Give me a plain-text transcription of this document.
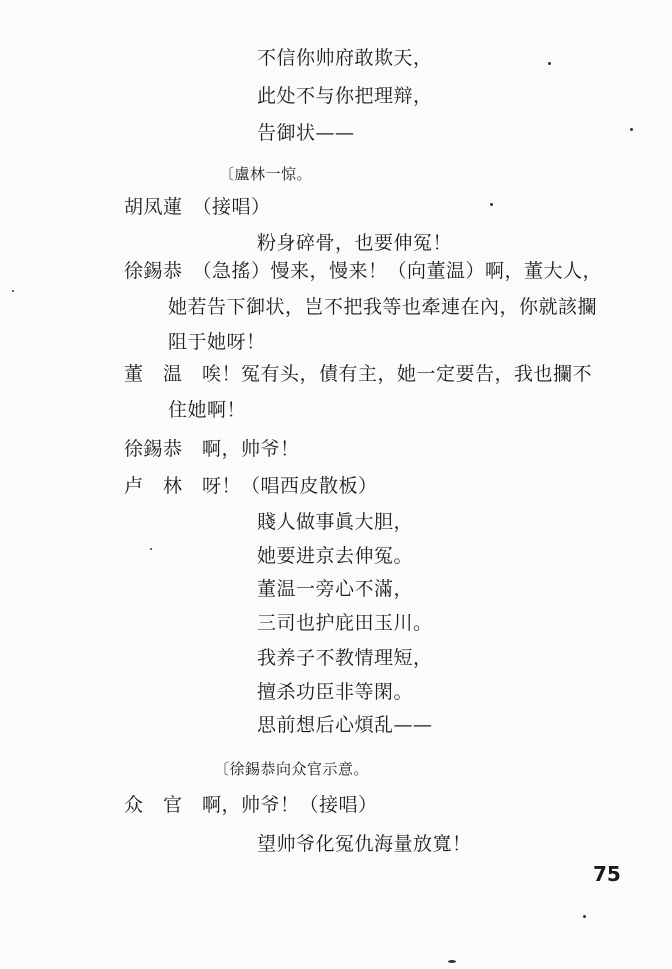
不信你帅府敢欺天，
此处不与你把理辩，
告御状——
〔盧林一惊。
胡凤蓮　（接唱）
粉身碎骨，也要伸冤！
徐錫恭　（急搖）慢来，慢来！（向董温）啊，董大人，
她若告下御状，岂不把我等也牽連在內，你就該攔
阻于她呀！
董　温　唉！冤有头，債有主，她一定要告，我也攔不
住她啊！
徐錫恭　啊，帅爷！
卢　林　呀！（唱西皮散板）
賤人做事眞大胆，
她要进京去伸冤。
董温一旁心不滿，
三司也护庇田玉川。
我养子不教情理短，
擅杀功臣非等閑。
思前想后心煩乱——
〔徐錫恭向众官示意。
众　官　啊，帅爷！（接唱）
望帅爷化冤仇海量放寬！
75
